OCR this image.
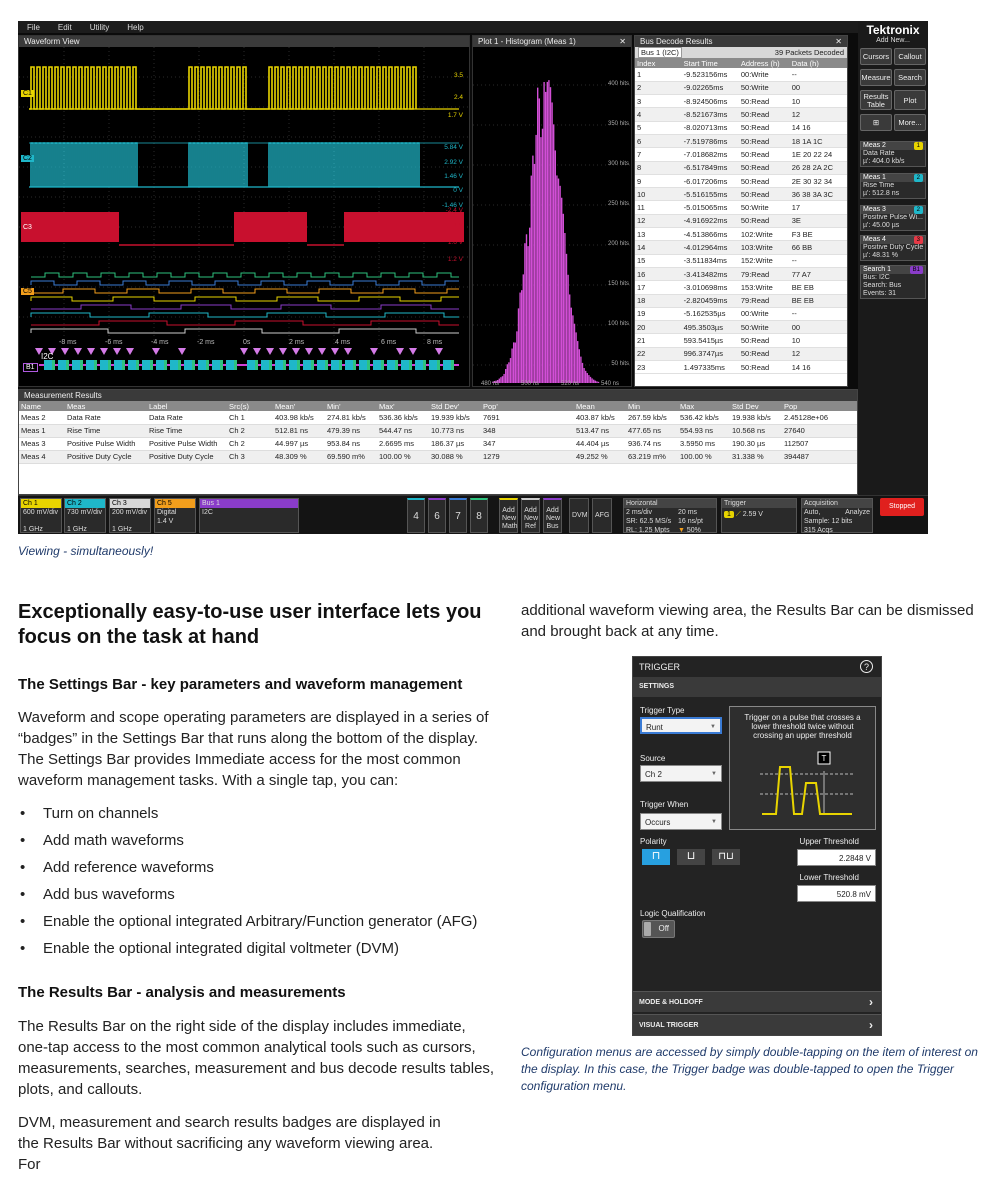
File Edit Utility Help
Waveform View
-8 ms	-6 ms	-4 ms	-2 ms	0s	2 ms	4 ms	6 ms	8 ms
3.5
2.4
1.7 V
5.84 V
2.92 V
1.46 V
0 V
-1.46 V
-2.4 V
2 V
1.6 V
1.2 V
C1
C2
C3
C5
B1
I2C
Plot 1 - Histogram (Meas 1)	✕
400 hits
350 hits
300 hits
250 hits
200 hits
150 hits
100 hits
50 hits
480 ns	500 ns	520 ns	540 ns
Bus Decode Results	✕
Bus 1 (I2C)	39 Packets Decoded
Index	Start Time	Address (h)	Data (h)
1	-9.523156ms	00:Write	--
2	-9.02265ms	50:Write	00
3	-8.924506ms	50:Read	10
4	-8.521673ms	50:Read	12
5	-8.020713ms	50:Read	14 16
6	-7.519786ms	50:Read	18 1A 1C
7	-7.018682ms	50:Read	1E 20 22 24
8	-6.517849ms	50:Read	26 28 2A 2C
9	-6.017206ms	50:Read	2E 30 32 34
10	-5.516155ms	50:Read	36 38 3A 3C
11	-5.015065ms	50:Write	17
12	-4.916922ms	50:Read	3E
13	-4.513866ms	102:Write	F3 BE
14	-4.012964ms	103:Write	66 BB
15	-3.511834ms	152:Write	--
16	-3.413482ms	79:Read	77 A7
17	-3.010698ms	153:Write	BE EB
18	-2.820459ms	79:Read	BE EB
19	-5.162535µs	00:Write	--
20	495.3503µs	50:Write	00
21	593.5415µs	50:Read	10
22	996.3747µs	50:Read	12
23	1.497335ms	50:Read	14 16
Measurement Results
Name	Meas	Label	Src(s)	Mean'	Min'	Max'	Std Dev'	Pop'		Mean	Min	Max	Std Dev	Pop
Meas 2	Data Rate	Data Rate	Ch 1	403.98 kb/s	274.81 kb/s	536.36 kb/s	19.939 kb/s	7691		403.87 kb/s	267.59 kb/s	536.42 kb/s	19.938 kb/s	2.45128e+06
Meas 1	Rise Time	Rise Time	Ch 2	512.81 ns	479.39 ns	544.47 ns	10.773 ns	348		513.47 ns	477.65 ns	554.93 ns	10.568 ns	27640
Meas 3	Positive Pulse Width	Positive Pulse Width	Ch 2	44.997 µs	953.84 ns	2.6695 ms	186.37 µs	347		44.404 µs	936.74 ns	3.5950 ms	190.30 µs	112507
Meas 4	Positive Duty Cycle	Positive Duty Cycle	Ch 3	48.309 %	69.590 m%	100.00 %	30.088 %	1279		49.252 %	63.219 m%	100.00 %	31.338 %	394487
Tektronix
Add New...
Cursors	Callout
Measure	Search
Results Table	Plot
⊞	More...
Meas 2	1
Data Rate
µ': 404.0 kb/s
Meas 1	2
Rise Time
µ': 512.8 ns
Meas 3	2
Positive Pulse Wi...
µ': 45.00 µs
Meas 4	3
Positive Duty Cycle
µ': 48.31 %
Search 1	B1
Bus: I2C
Search: Bus
Events: 31
Ch 1
600 mV/div
1 GHz
Ch 2
730 mV/div
1 GHz
Ch 3
200 mV/div
1 GHz
Ch 5
Digital
1.4 V
Bus 1
I2C	4	6	7	8
Add
New
Math
Add
New
Ref
Add
New
Bus
DVM	AFG
Horizontal
2 ms/div	20 ms
SR: 62.5 MS/s 16 ns/pt
RL: 1.25 Mpts ▼ 50%
Trigger
1 ⟋ 2.59 V
Acquisition
Auto,	Analyze
Sample: 12 bits
315 Acqs
Stopped
Viewing - simultaneously!
Exceptionally easy-to-use user interface lets you focus on the task at hand
The Settings Bar - key parameters and waveform management

Waveform and scope operating parameters are displayed in a series of “badges” in the Settings Bar that runs along the bottom of the display. The Settings Bar provides Immediate access for the most common waveform management tasks. With a single tap, you can:

• Turn on channels
• Add math waveforms
• Add reference waveforms
• Add bus waveforms
• Enable the optional integrated Arbitrary/Function generator (AFG)
• Enable the optional integrated digital voltmeter (DVM)
The Results Bar - analysis and measurements

The Results Bar on the right side of the display includes immediate, one-tap access to the most common analytical tools such as cursors, measurements, searches, measurement and bus decode results tables, plots, and callouts.

DVM, measurement and search results badges are displayed in the Results Bar without sacrificing any waveform viewing area. For

additional waveform viewing area, the Results Bar can be dismissed and brought back at any time.

TRIGGER	?
SETTINGS
Trigger Type
Runt	▼
Source
Ch 2	▼
Trigger When
Occurs	▼
Trigger on a pulse that crosses a lower threshold twice without crossing an upper threshold
T
Polarity
⊓	⊔	⊓⊔
Upper Threshold
2.2848 V
Lower Threshold
520.8 mV
Logic Qualification
Off
MODE & HOLDOFF	›
VISUAL TRIGGER	›
Configuration menus are accessed by simply double-tapping on the item of interest on the display. In this case, the Trigger badge was double-tapped to open the Trigger configuration menu.
